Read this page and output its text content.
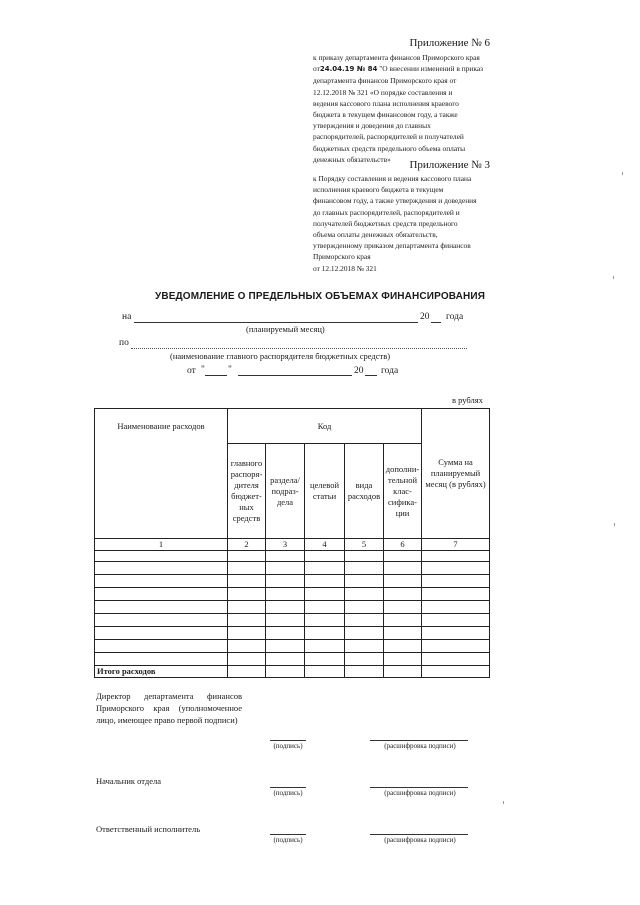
Приложение № 6
к приказу департамента финансов Приморского края
от24.04.19 № 84 "О внесении изменений в приказ
департамента финансов Приморского края от
12.12.2018 № 321 «О порядке составления и
ведения кассового плана исполнения краевого
бюджета в текущем финансовом году, а также
утверждения и доведения до главных
распорядителей, распорядителей и получателей
бюджетных средств предельного объема оплаты
денежных обязательств»	Приложение № 3
к Порядку составления и ведения кассового плана
исполнения краевого бюджета в текущем
финансовом году, а также утверждения и доведения
до главных распорядителей, распорядителей и
получателей бюджетных средств предельного
объема оплаты денежных обязательств,
утвержденному приказом департамента финансов
Приморского края
от 12.12.2018 № 321
УВЕДОМЛЕНИЕ О ПРЕДЕЛЬНЫХ ОБЪЕМАХ ФИНАНСИРОВАНИЯ
на	20 года
(планируемый месяц)
по
(наименование главного распорядителя бюджетных средств)
от " "	20 года
в рублях
Наименование расходов	Код					Сумма на планируемый месяц (в рублях)
	главного распоря-дителя бюджет-ных средств	раздела/ подраз-дела	целевой статьи	вида расходов	дополни-тельной клас-сифика-ции	
1	2	3	4	5	6	7

Итого расходов						
Директор департамента финансов Приморского края (уполномоченное лицо, имеющее право первой подписи)
(подпись)	(расшифровка подписи)
Начальник отдела
(подпись)	(расшифровка подписи)
Ответственный исполнитель
(подпись)	(расшифровка подписи)
